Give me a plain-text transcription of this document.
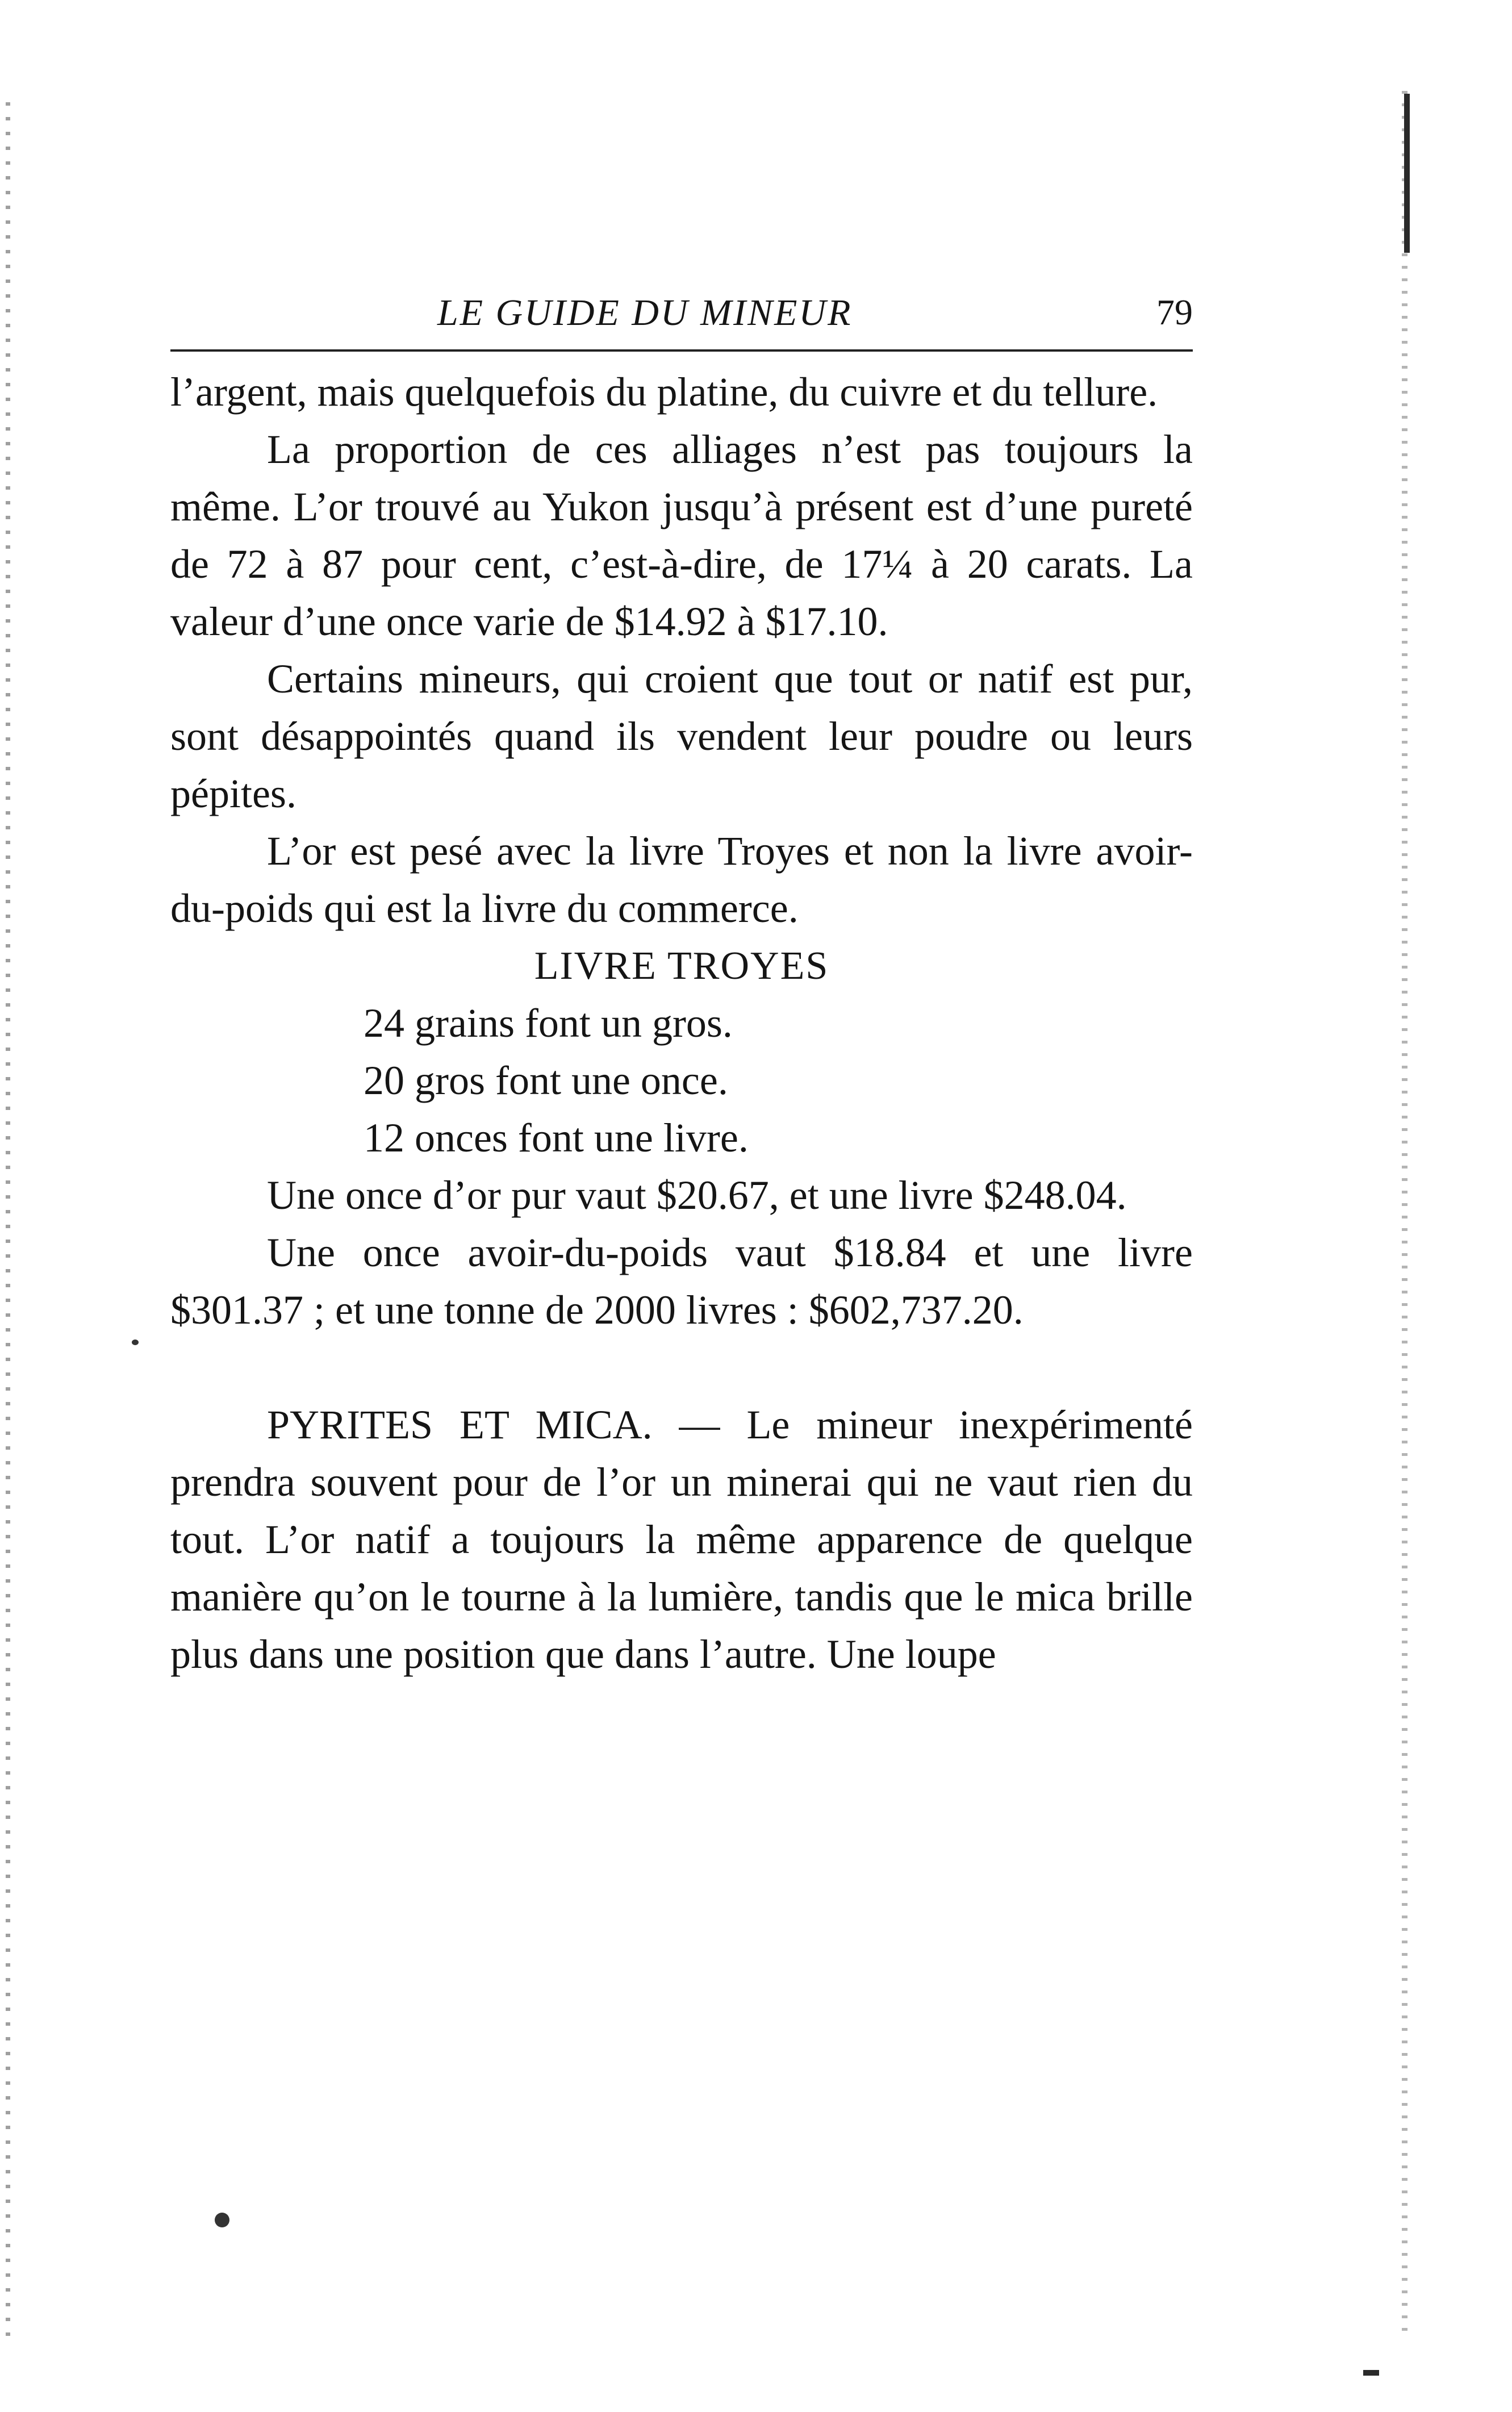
LE GUIDE DU MINEUR	79

l’argent, mais quelquefois du platine, du cuivre et du tellure.

La proportion de ces alliages n’est pas toujours la même. L’or trouvé au Yukon jusqu’à présent est d’une pureté de 72 à 87 pour cent, c’est-à-dire, de 17¼ à 20 carats. La valeur d’une once varie de $14.92 à $17.10.

Certains mineurs, qui croient que tout or natif est pur, sont désappointés quand ils vendent leur poudre ou leurs pépites.

L’or est pesé avec la livre Troyes et non la livre avoir-du-poids qui est la livre du commerce.

LIVRE TROYES

24 grains font un gros.
20 gros font une once.
12 onces font une livre.

Une once d’or pur vaut $20.67, et une livre $248.04.

Une once avoir-du-poids vaut $18.84 et une livre $301.37 ; et une tonne de 2000 livres : $602,737.20.

PYRITES ET MICA. — Le mineur inexpérimenté prendra souvent pour de l’or un minerai qui ne vaut rien du tout. L’or natif a toujours la même apparence de quelque manière qu’on le tourne à la lumière, tandis que le mica brille plus dans une position que dans l’autre. Une loupe
